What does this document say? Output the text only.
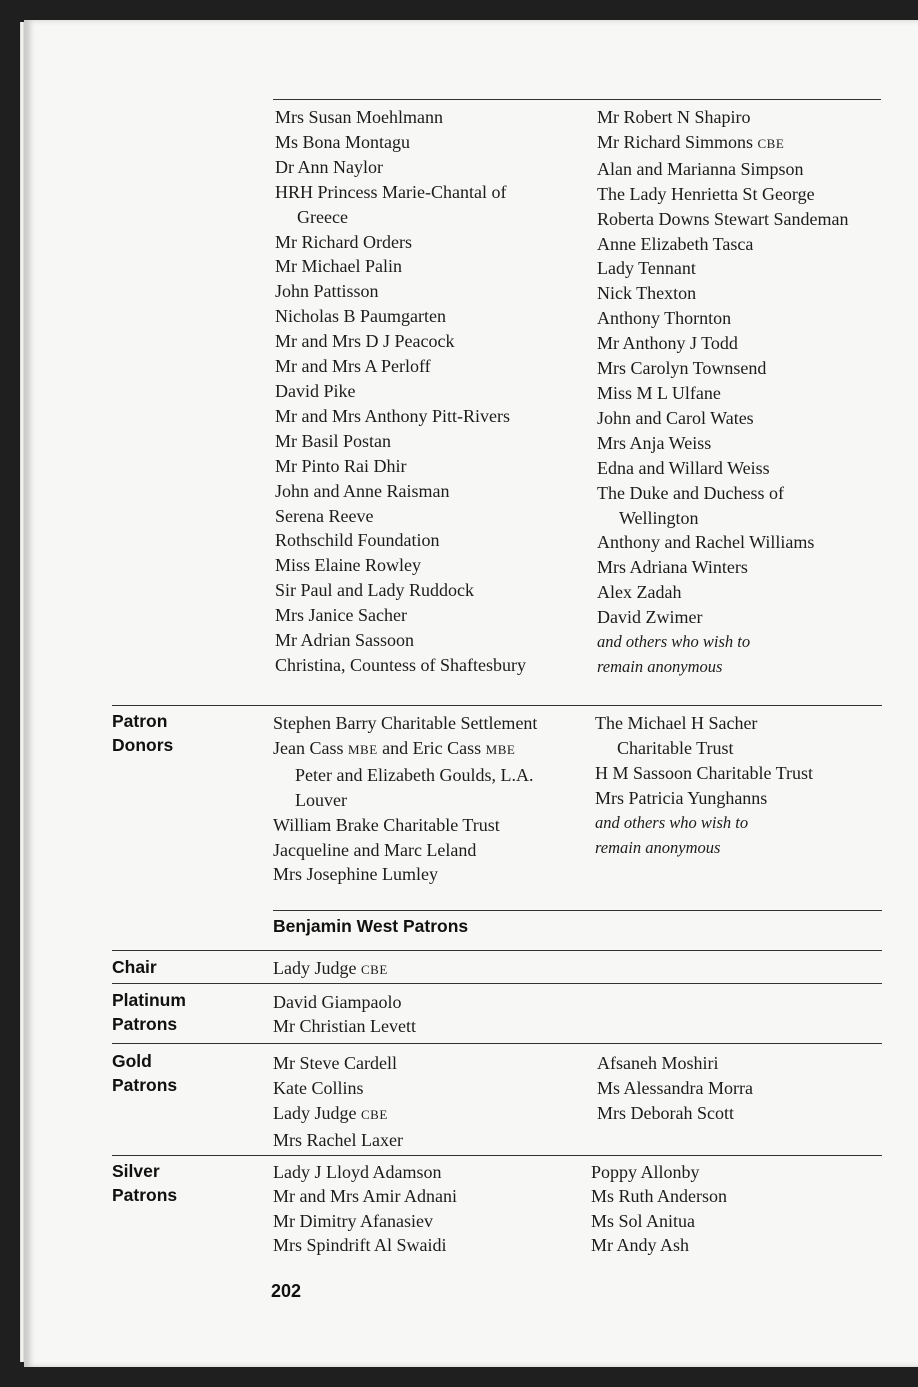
Mrs Susan Moehlmann
Ms Bona Montagu
Dr Ann Naylor
HRH Princess Marie-Chantal of
Greece
Mr Richard Orders
Mr Michael Palin
John Pattisson
Nicholas B Paumgarten
Mr and Mrs D J Peacock
Mr and Mrs A Perloff
David Pike
Mr and Mrs Anthony Pitt-Rivers
Mr Basil Postan
Mr Pinto Rai Dhir
John and Anne Raisman
Serena Reeve
Rothschild Foundation
Miss Elaine Rowley
Sir Paul and Lady Ruddock
Mrs Janice Sacher
Mr Adrian Sassoon
Christina, Countess of Shaftesbury
Mr Robert N Shapiro
Mr Richard Simmons CBE
Alan and Marianna Simpson
The Lady Henrietta St George
Roberta Downs Stewart Sandeman
Anne Elizabeth Tasca
Lady Tennant
Nick Thexton
Anthony Thornton
Mr Anthony J Todd
Mrs Carolyn Townsend
Miss M L Ulfane
John and Carol Wates
Mrs Anja Weiss
Edna and Willard Weiss
The Duke and Duchess of
Wellington
Anthony and Rachel Williams
Mrs Adriana Winters
Alex Zadah
David Zwimer
and others who wish to
remain anonymous
Patron
Donors
Stephen Barry Charitable Settlement
Jean Cass MBE and Eric Cass MBE
Peter and Elizabeth Goulds, L.A.
Louver
William Brake Charitable Trust
Jacqueline and Marc Leland
Mrs Josephine Lumley
The Michael H Sacher
Charitable Trust
H M Sassoon Charitable Trust
Mrs Patricia Yunghanns
and others who wish to
remain anonymous
Benjamin West Patrons
Chair	Lady Judge CBE
Platinum
Patrons
David Giampaolo
Mr Christian Levett
Gold
Patrons
Mr Steve Cardell
Kate Collins
Lady Judge CBE
Mrs Rachel Laxer
Afsaneh Moshiri
Ms Alessandra Morra
Mrs Deborah Scott
Silver
Patrons
Lady J Lloyd Adamson
Mr and Mrs Amir Adnani
Mr Dimitry Afanasiev
Mrs Spindrift Al Swaidi
Poppy Allonby
Ms Ruth Anderson
Ms Sol Anitua
Mr Andy Ash
202
